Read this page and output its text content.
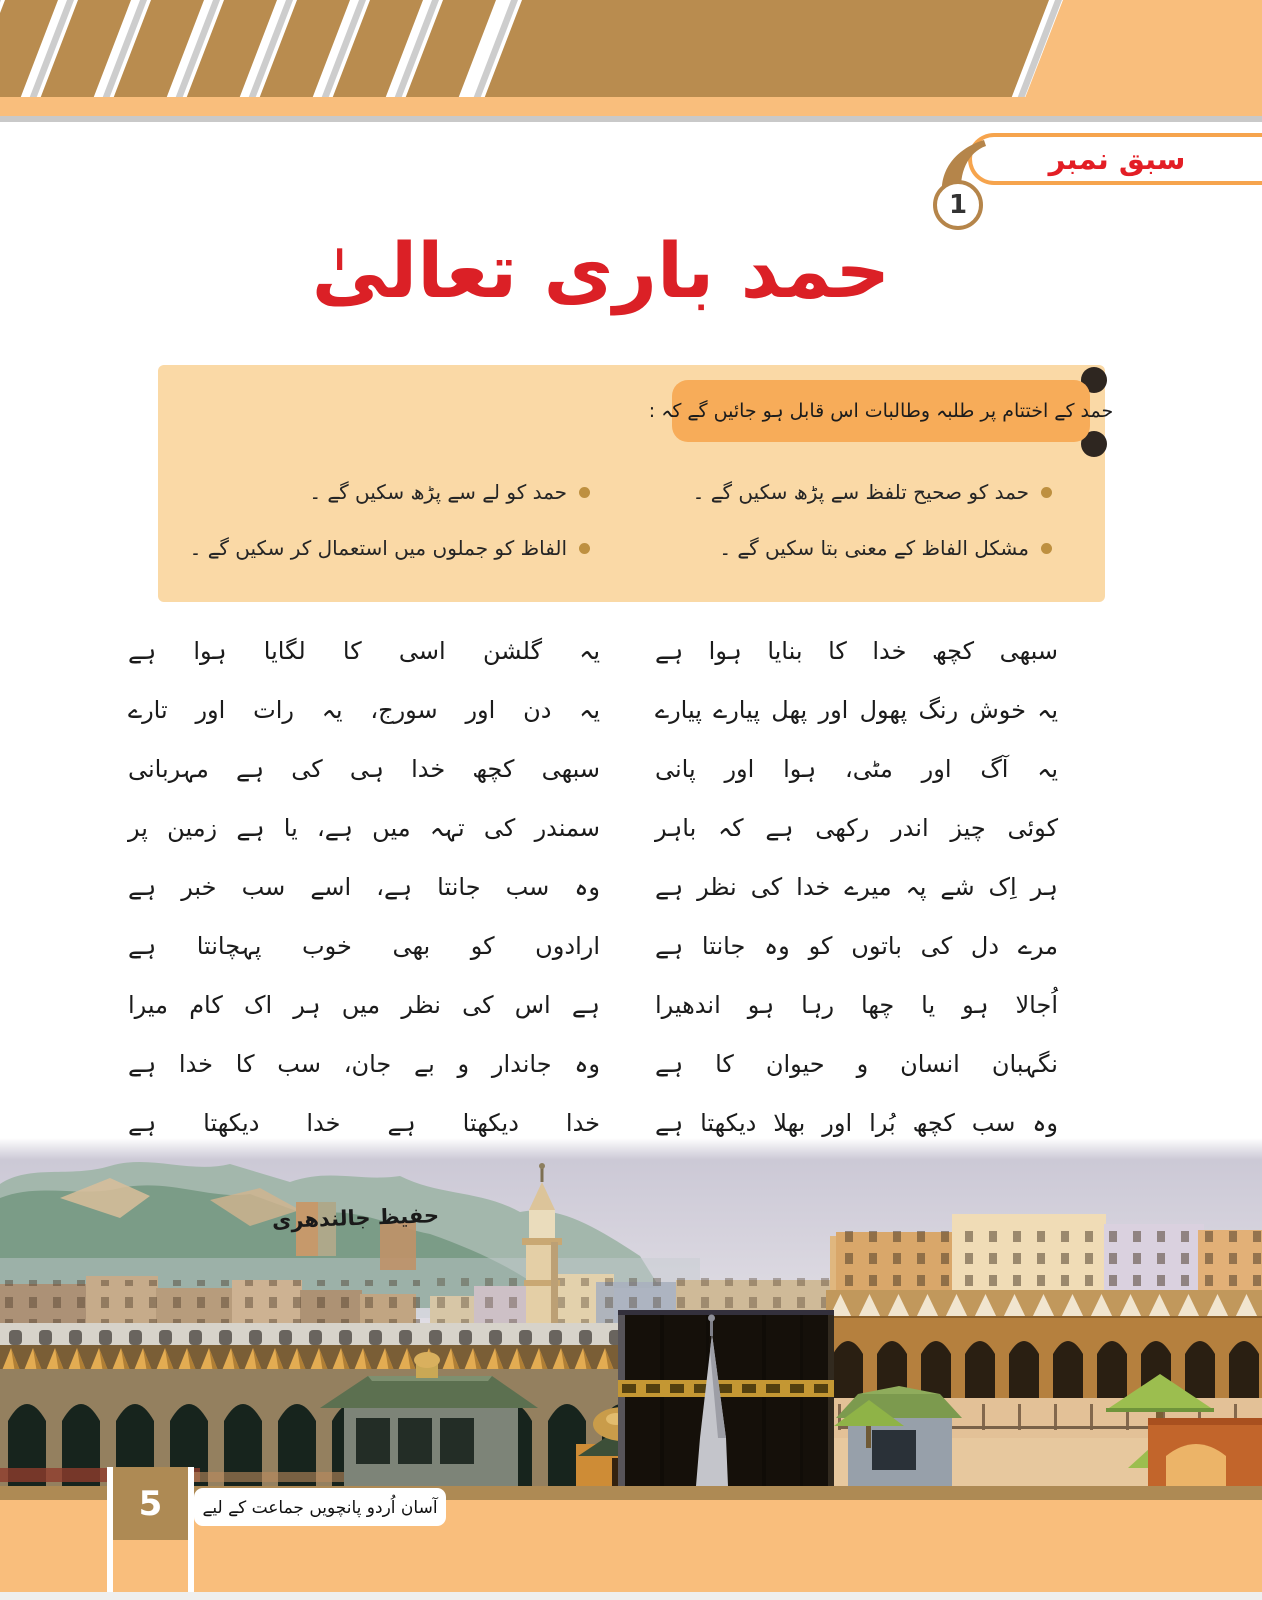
سبق نمبر
1
حمد باری تعالیٰ
حمد کے اختتام پر طلبہ وطالبات اس قابل ہو جائیں گے کہ :
حمد کو صحیح تلفظ سے پڑھ سکیں گے ۔
حمد کو لے سے پڑھ سکیں گے ۔
مشکل الفاظ کے معنی بتا سکیں گے ۔
الفاظ کو جملوں میں استعمال کر سکیں گے ۔
سبھی کچھ خدا کا بنایا ہوا ہے
یہ خوش رنگ پھول اور پھل پیارے پیارے
یہ آگ اور مٹی، ہوا اور پانی
کوئی چیز اندر رکھی ہے کہ باہر
ہر اِک شے پہ میرے خدا کی نظر ہے
مرے دل کی باتوں کو وہ جانتا ہے
اُجالا ہو یا چھا رہا ہو اندھیرا
نگہبان انسان و حیوان کا ہے
وہ سب کچھ بُرا اور بھلا دیکھتا ہے
یہ گلشن اسی کا لگایا ہوا ہے
یہ دن اور سورج، یہ رات اور تارے
سبھی کچھ خدا ہی کی ہے مہربانی
سمندر کی تہہ میں ہے، یا ہے زمین پر
وہ سب جانتا ہے، اسے سب خبر ہے
ارادوں کو بھی خوب پہچانتا ہے
ہے اس کی نظر میں ہر اک کام میرا
وہ جاندار و بے جان، سب کا خدا ہے
خدا دیکھتا ہے خدا دیکھتا ہے
حفیظ جالندھری
5	آسان اُردو پانچویں جماعت کے لیے
